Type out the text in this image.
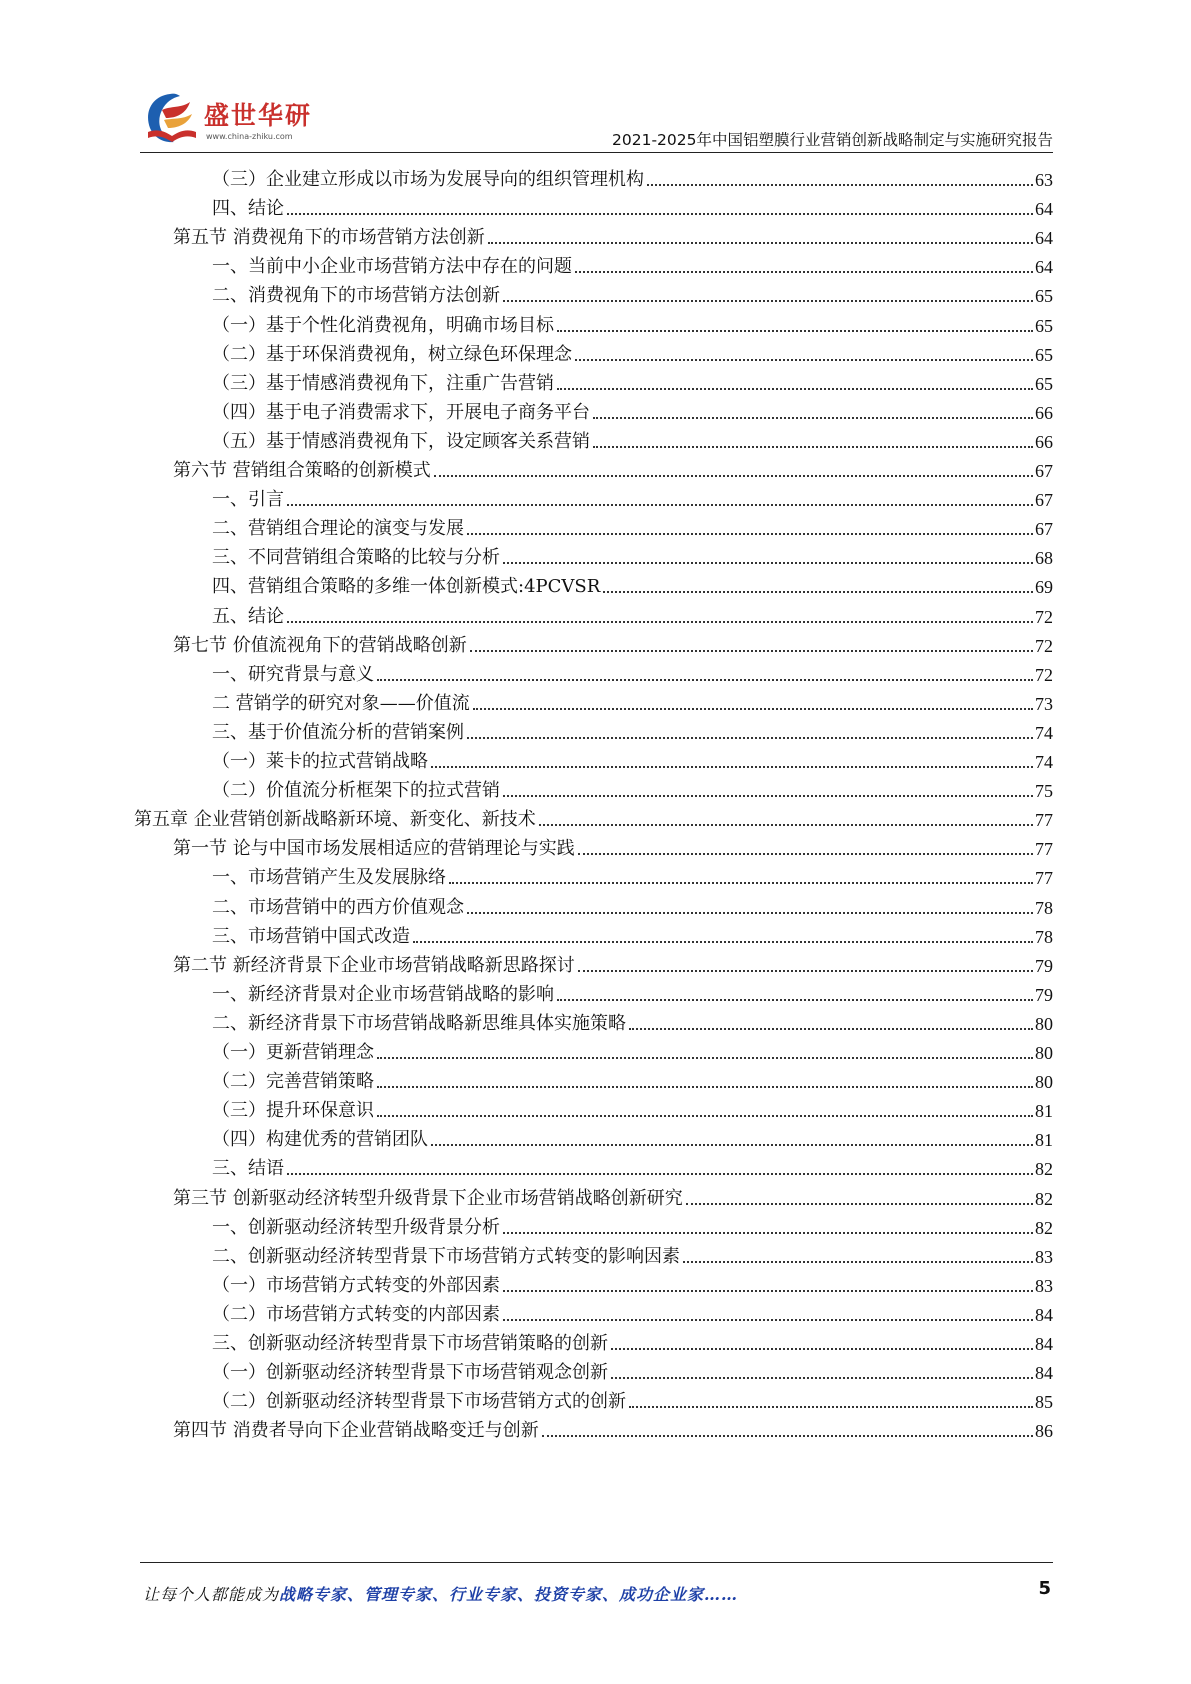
盛世华研
www.china-zhiku.com	2021-2025年中国铝塑膜行业营销创新战略制定与实施研究报告
（三）企业建立形成以市场为发展导向的组织管理机构	63
四、结论	64
第五节 消费视角下的市场营销方法创新	64
一、当前中小企业市场营销方法中存在的问题	64
二、消费视角下的市场营销方法创新	65
（一）基于个性化消费视角，明确市场目标	65
（二）基于环保消费视角，树立绿色环保理念	65
（三）基于情感消费视角下，注重广告营销	65
（四）基于电子消费需求下，开展电子商务平台	66
（五）基于情感消费视角下，设定顾客关系营销	66
第六节 营销组合策略的创新模式	67
一、引言	67
二、营销组合理论的演变与发展	67
三、不同营销组合策略的比较与分析	68
四、营销组合策略的多维一体创新模式:4PCVSR	69
五、结论	72
第七节 价值流视角下的营销战略创新	72
一、研究背景与意义	72
二 营销学的研究对象——价值流	73
三、基于价值流分析的营销案例	74
（一）莱卡的拉式营销战略	74
（二）价值流分析框架下的拉式营销	75
第五章 企业营销创新战略新环境、新变化、新技术	77
第一节 论与中国市场发展相适应的营销理论与实践	77
一、市场营销产生及发展脉络	77
二、市场营销中的西方价值观念	78
三、市场营销中国式改造	78
第二节 新经济背景下企业市场营销战略新思路探讨	79
一、新经济背景对企业市场营销战略的影响	79
二、新经济背景下市场营销战略新思维具体实施策略	80
（一）更新营销理念	80
（二）完善营销策略	80
（三）提升环保意识	81
（四）构建优秀的营销团队	81
三、结语	82
第三节 创新驱动经济转型升级背景下企业市场营销战略创新研究	82
一、创新驱动经济转型升级背景分析	82
二、创新驱动经济转型背景下市场营销方式转变的影响因素	83
（一）市场营销方式转变的外部因素	83
（二）市场营销方式转变的内部因素	84
三、创新驱动经济转型背景下市场营销策略的创新	84
（一）创新驱动经济转型背景下市场营销观念创新	84
（二）创新驱动经济转型背景下市场营销方式的创新	85
第四节 消费者导向下企业营销战略变迁与创新	86
让每个人都能成为战略专家、管理专家、行业专家、投资专家、成功企业家……	5
